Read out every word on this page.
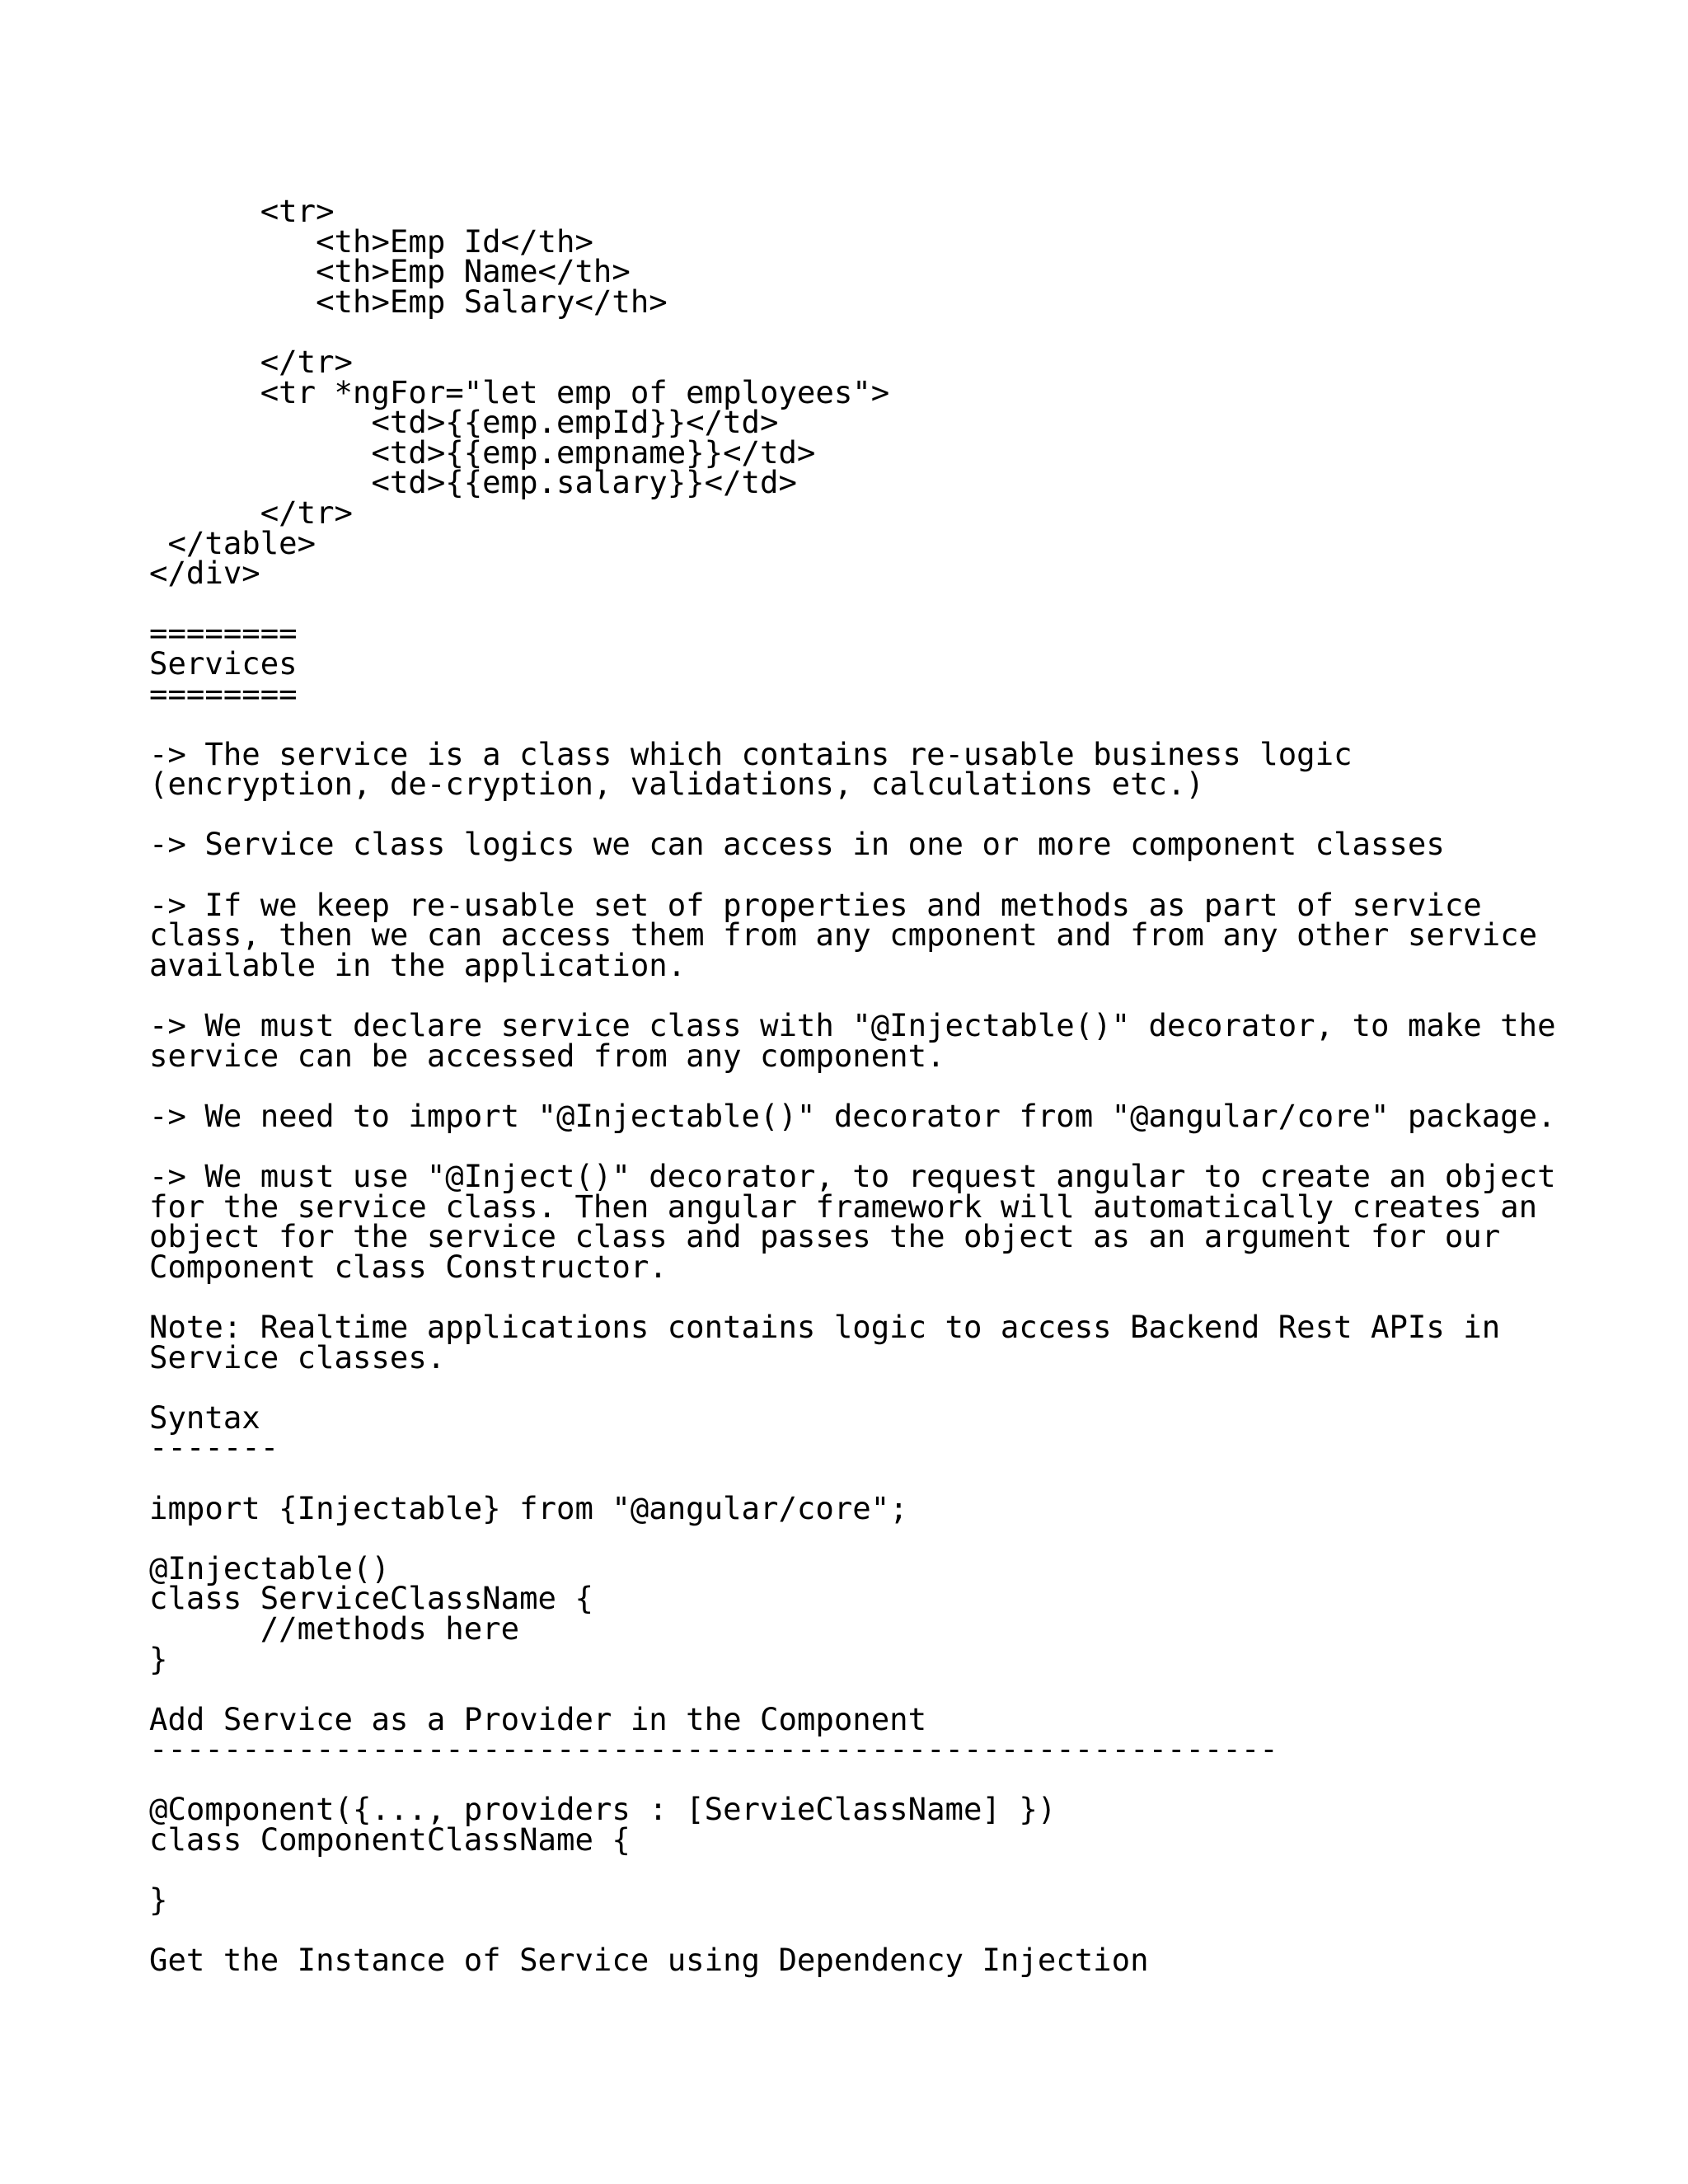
<tr>
<th>Emp Id</th>
<th>Emp Name</th>
<th>Emp Salary</th>
</tr>
<tr *ngFor="let emp of employees">
<td>{{emp.empId}}</td>
<td>{{emp.empname}}</td>
<td>{{emp.salary}}</td>
</tr>
</table>
</div>
========
Services
========
-> The service is a class which contains re-usable business logic
(encryption, de-cryption, validations, calculations etc.)
-> Service class logics we can access in one or more component classes
-> If we keep re-usable set of properties and methods as part of service
class, then we can access them from any cmponent and from any other service
available in the application.
-> We must declare service class with "@Injectable()" decorator, to make the
service can be accessed from any component.
-> We need to import "@Injectable()" decorator from "@angular/core" package.
-> We must use "@Inject()" decorator, to request angular to create an object
for the service class. Then angular framework will automatically creates an
object for the service class and passes the object as an argument for our
Component class Constructor.
Note: Realtime applications contains logic to access Backend Rest APIs in
Service classes.
Syntax
-------
import {Injectable} from "@angular/core";
@Injectable()
class ServiceClassName {
//methods here
}
Add Service as a Provider in the Component
-------------------------------------------------------------
@Component({..., providers : [ServieClassName] })
class ComponentClassName {
}
Get the Instance of Service using Dependency Injection
